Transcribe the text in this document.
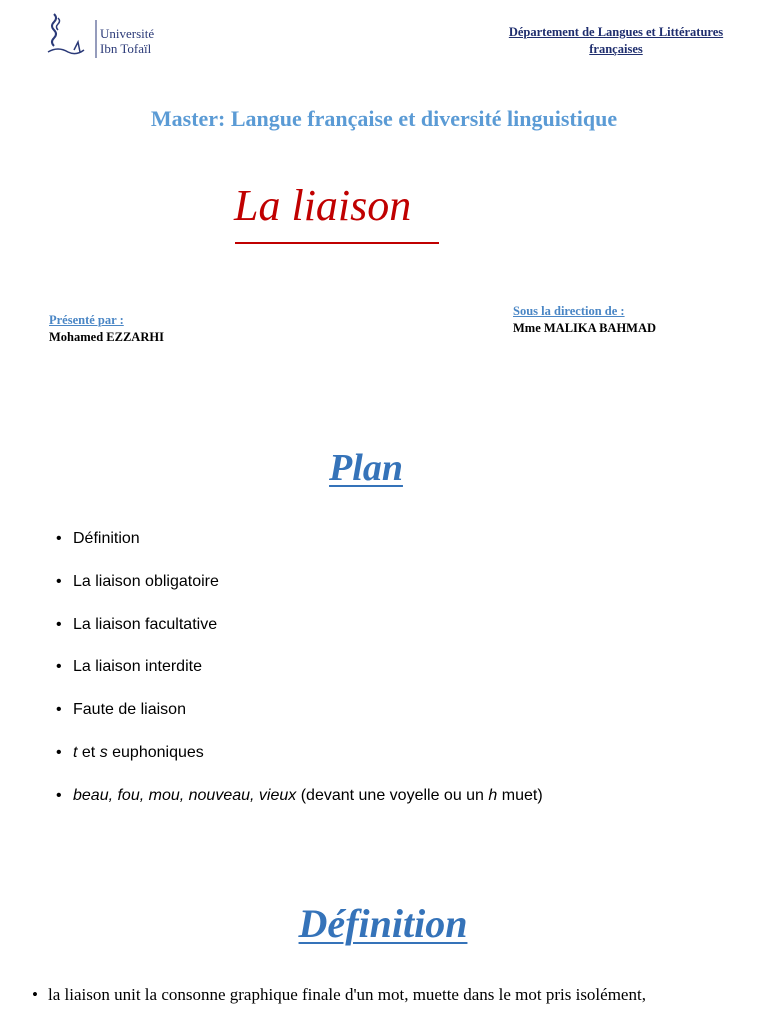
Université
Ibn Tofaïl
Département de Langues et Littératures françaises
Master: Langue française et diversité linguistique
La liaison
Présenté par :
Mohamed EZZARHI
Sous la direction de :
Mme MALIKA BAHMAD
Plan
• Définition
• La liaison obligatoire
• La liaison facultative
• La liaison interdite
• Faute de liaison
• t et s euphoniques
• beau, fou, mou, nouveau, vieux (devant une voyelle ou un h muet)
Définition
• la liaison unit la consonne graphique finale d'un mot, muette dans le mot pris isolément,
